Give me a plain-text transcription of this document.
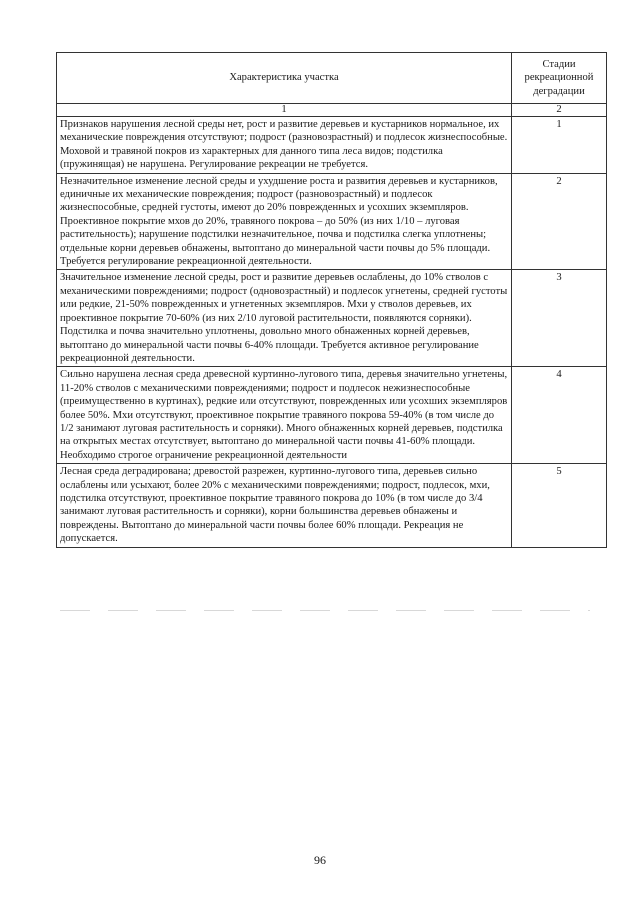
Характеристика участка	Стадии рекреационной деградации
1	2
Признаков нарушения лесной среды нет, рост и развитие деревьев и кустарников нормальное, их механические повреждения отсутствуют; подрост (разновозрастный) и подлесок жизнеспособные. Моховой и травяной покров из характерных для данного типа леса видов; подстилка (пружинящая) не нарушена. Регулирование рекреации не требуется.	1
Незначительное изменение лесной среды и ухудшение роста и развития деревьев и кустарников, единичные их механические повреждения; подрост (разновозрастный) и подлесок жизнеспособные, средней густоты, имеют до 20% поврежденных и усохших экземпляров. Проективное покрытие мхов до 20%, травяного покрова – до 50% (из них 1/10 – луговая растительность); нарушение подстилки незначительное, почва и подстилка слегка уплотнены; отдельные корни деревьев обнажены, вытоптано до минеральной части почвы до 5% площади. Требуется регулирование рекреационной деятельности.	2
Значительное изменение лесной среды, рост и развитие деревьев ослаблены, до 10% стволов с механическими повреждениями; подрост (одновозрастный) и подлесок угнетены, средней густоты или редкие, 21-50% поврежденных и угнетенных экземпляров. Мхи у стволов деревьев, их проективное покрытие 70-60% (из них 2/10 луговой растительности, появляются сорняки). Подстилка и почва значительно уплотнены, довольно много обнаженных корней деревьев, вытоптано до минеральной части почвы 6-40% площади. Требуется активное регулирование рекреационной деятельности.	3
Сильно нарушена лесная среда древесной куртинно-лугового типа, деревья значительно угнетены, 11-20% стволов с механическими повреждениями; подрост и подлесок нежизнеспособные (преимущественно в куртинах), редкие или отсутствуют, поврежденных или усохших экземпляров более 50%. Мхи отсутствуют, проективное покрытие травяного покрова 59-40% (в том числе до 1/2 занимают луговая растительность и сорняки). Много обнаженных корней деревьев, подстилка на открытых местах отсутствует, вытоптано до минеральной части почвы 41-60% площади. Необходимо строгое ограничение рекреационной деятельности	4
Лесная среда деградирована; древостой разрежен, куртинно-лугового типа, деревьев сильно ослаблены или усыхают, более 20% с механическими повреждениями; подрост, подлесок, мхи, подстилка отсутствуют, проективное покрытие травяного покрова до 10% (в том числе до 3/4 занимают луговая растительность и сорняки), корни большинства деревьев обнажены и повреждены. Вытоптано до минеральной части почвы более 60% площади. Рекреация не допускается.	5
96
